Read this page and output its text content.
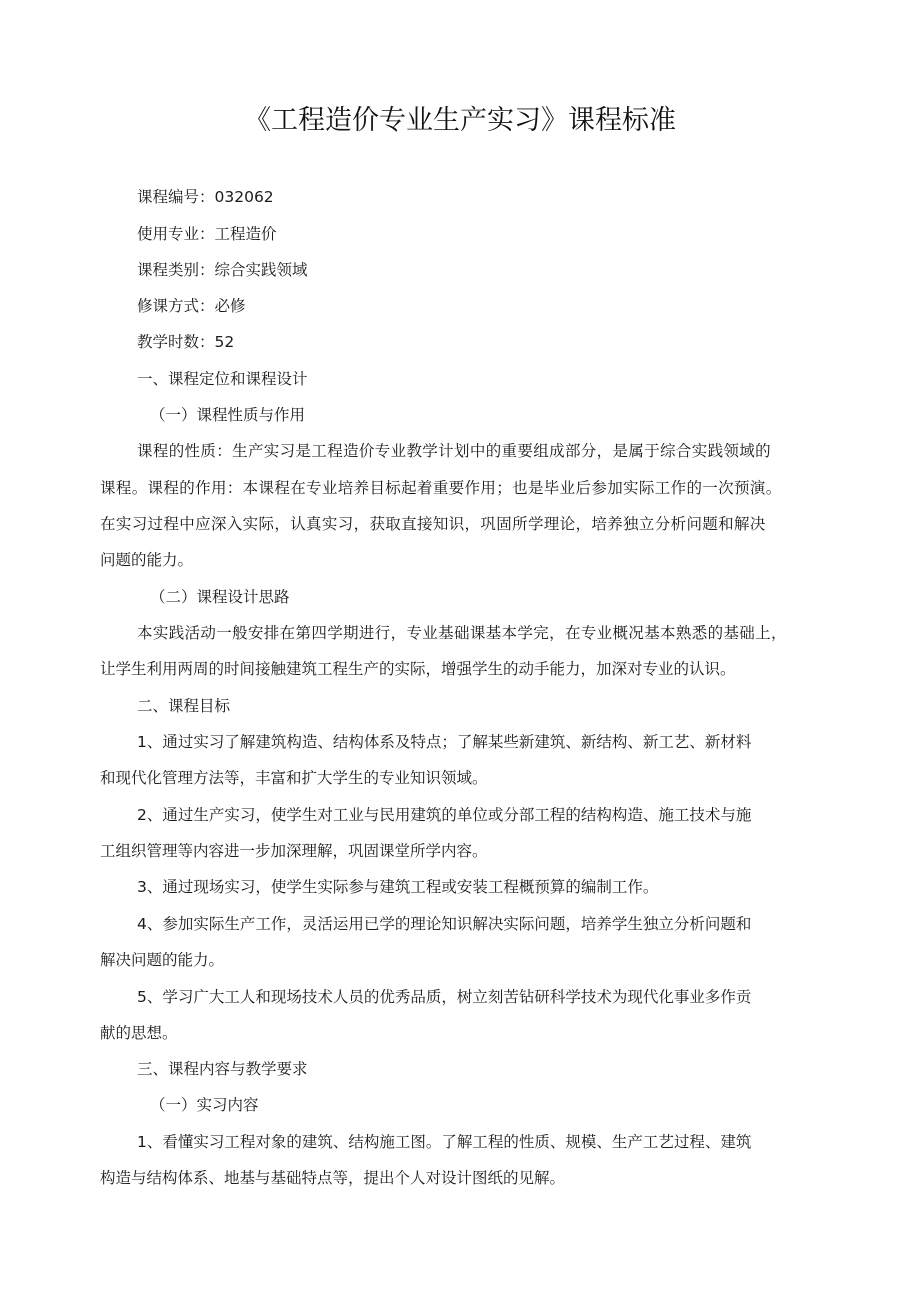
《工程造价专业生产实习》课程标准
课程编号：032062
使用专业：工程造价
课程类别：综合实践领域
修课方式：必修
教学时数：52
一、课程定位和课程设计
（一）课程性质与作用
课程的性质：生产实习是工程造价专业教学计划中的重要组成部分，是属于综合实践领域的
课程。课程的作用：本课程在专业培养目标起着重要作用；也是毕业后参加实际工作的一次预演。
在实习过程中应深入实际，认真实习，获取直接知识，巩固所学理论，培养独立分析问题和解决
问题的能力。
（二）课程设计思路
本实践活动一般安排在第四学期进行，专业基础课基本学完，在专业概况基本熟悉的基础上，
让学生利用两周的时间接触建筑工程生产的实际，增强学生的动手能力，加深对专业的认识。
二、课程目标
1、通过实习了解建筑构造、结构体系及特点；了解某些新建筑、新结构、新工艺、新材料
和现代化管理方法等，丰富和扩大学生的专业知识领域。
2、通过生产实习，使学生对工业与民用建筑的单位或分部工程的结构构造、施工技术与施
工组织管理等内容进一步加深理解，巩固课堂所学内容。
3、通过现场实习，使学生实际参与建筑工程或安装工程概预算的编制工作。
4、参加实际生产工作，灵活运用已学的理论知识解决实际问题，培养学生独立分析问题和
解决问题的能力。
5、学习广大工人和现场技术人员的优秀品质，树立刻苦钻研科学技术为现代化事业多作贡
献的思想。
三、课程内容与教学要求
（一）实习内容
1、看懂实习工程对象的建筑、结构施工图。了解工程的性质、规模、生产工艺过程、建筑
构造与结构体系、地基与基础特点等，提出个人对设计图纸的见解。
